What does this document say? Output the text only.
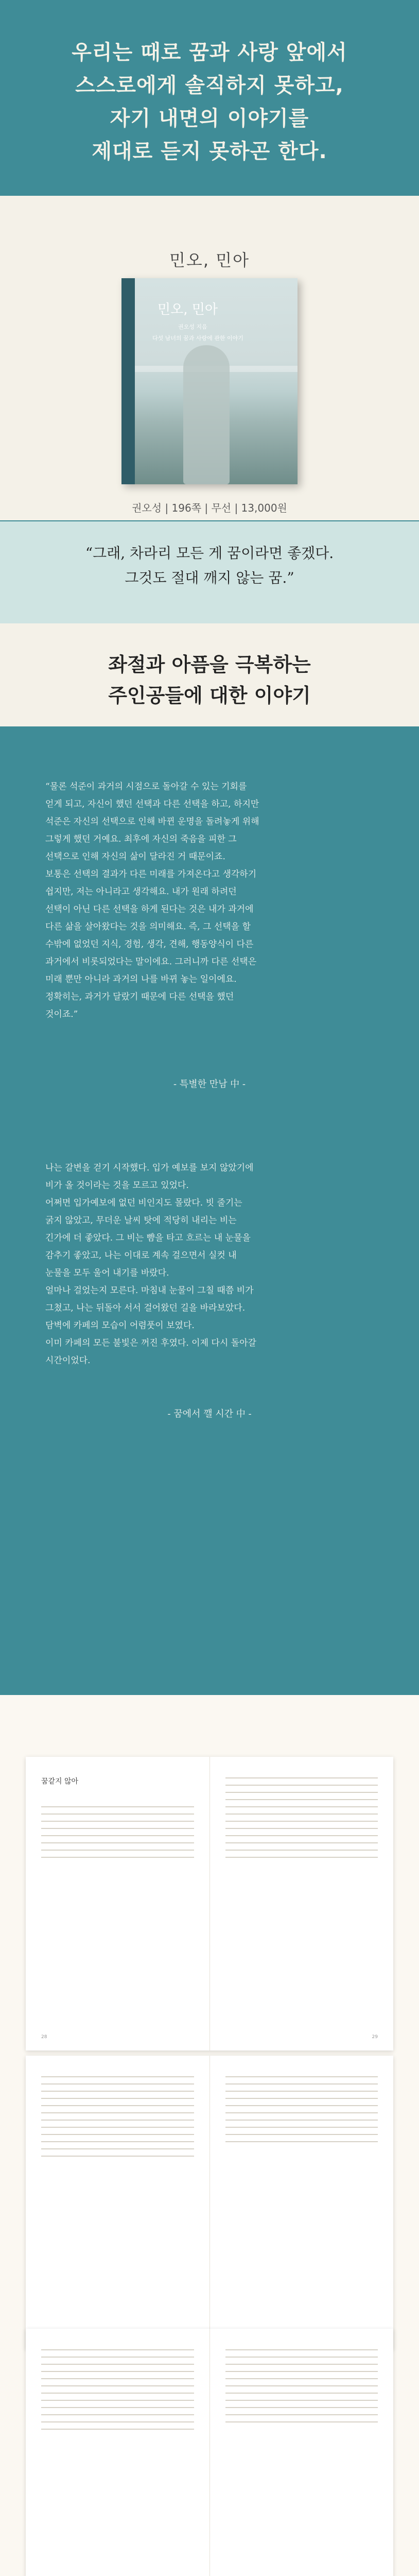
우리는 때로 꿈과 사랑 앞에서
스스로에게 솔직하지 못하고,
자기 내면의 이야기를
제대로 듣지 못하곤 한다.
민오, 민아
민오, 민아
권오성 지음
다섯 남녀의 꿈과 사랑에 관한 이야기
권오성 | 196쪽 | 무선 | 13,000원
“그래, 차라리 모든 게 꿈이라면 좋겠다.
그것도 절대 깨지 않는 꿈.”
좌절과 아픔을 극복하는
주인공들에 대한 이야기
“물론 석준이 과거의 시점으로 돌아갈 수 있는 기회를
얻게 되고, 자신이 했던 선택과 다른 선택을 하고, 하지만
석준은 자신의 선택으로 인해 바뀐 운명을 돌려놓게 위해
그렇게 했던 거예요. 최후에 자신의 죽음을 피한 그
선택으로 인해 자신의 삶이 달라진 거 때문이죠.
보통은 선택의 결과가 다른 미래를 가져온다고 생각하기
쉽지만, 저는 아니라고 생각해요. 내가 원래 하려던
선택이 아닌 다른 선택을 하게 된다는 것은 내가 과거에
다른 삶을 살아왔다는 것을 의미해요. 즉, 그 선택을 할
수밖에 없었던 지식, 경험, 생각, 견해, 행동양식이 다른
과거에서 비롯되었다는 말이에요. 그러니까 다른 선택은
미래 뿐만 아니라 과거의 나를 바뀌 놓는 일이에요.
정확히는, 과거가 달랐기 때문에 다른 선택을 했던
것이죠.”
- 특별한 만남 中 -
나는 갈변을 걷기 시작했다. 입가 예보를 보지 않았기에
비가 올 것이라는 것을 모르고 있었다.
어쩌면 입가예보에 없던 비인지도 몰랐다. 빗 줄기는
굵지 않았고, 무더운 날씨 탓에 적당히 내리는 비는
긴가에 더 좋았다. 그 비는 뺨을 타고 흐르는 내 눈물을
감추기 좋았고, 나는 이대로 계속 걸으면서 실컷 내
눈물을 모두 울어 내기를 바랐다.
얼마나 걸었는지 모른다. 마침내 눈물이 그칠 때쯤 비가
그쳤고, 나는 뒤돌아 서서 걸어왔던 길을 바라보았다.
담벽에 카페의 모습이 어렴풋이 보였다.
이미 카페의 모든 불빛은 꺼진 후였다. 이제 다시 돌아갈
시간이었다.
- 꿈에서 깰 시간 中 -
꿈같지 않아
28	29
